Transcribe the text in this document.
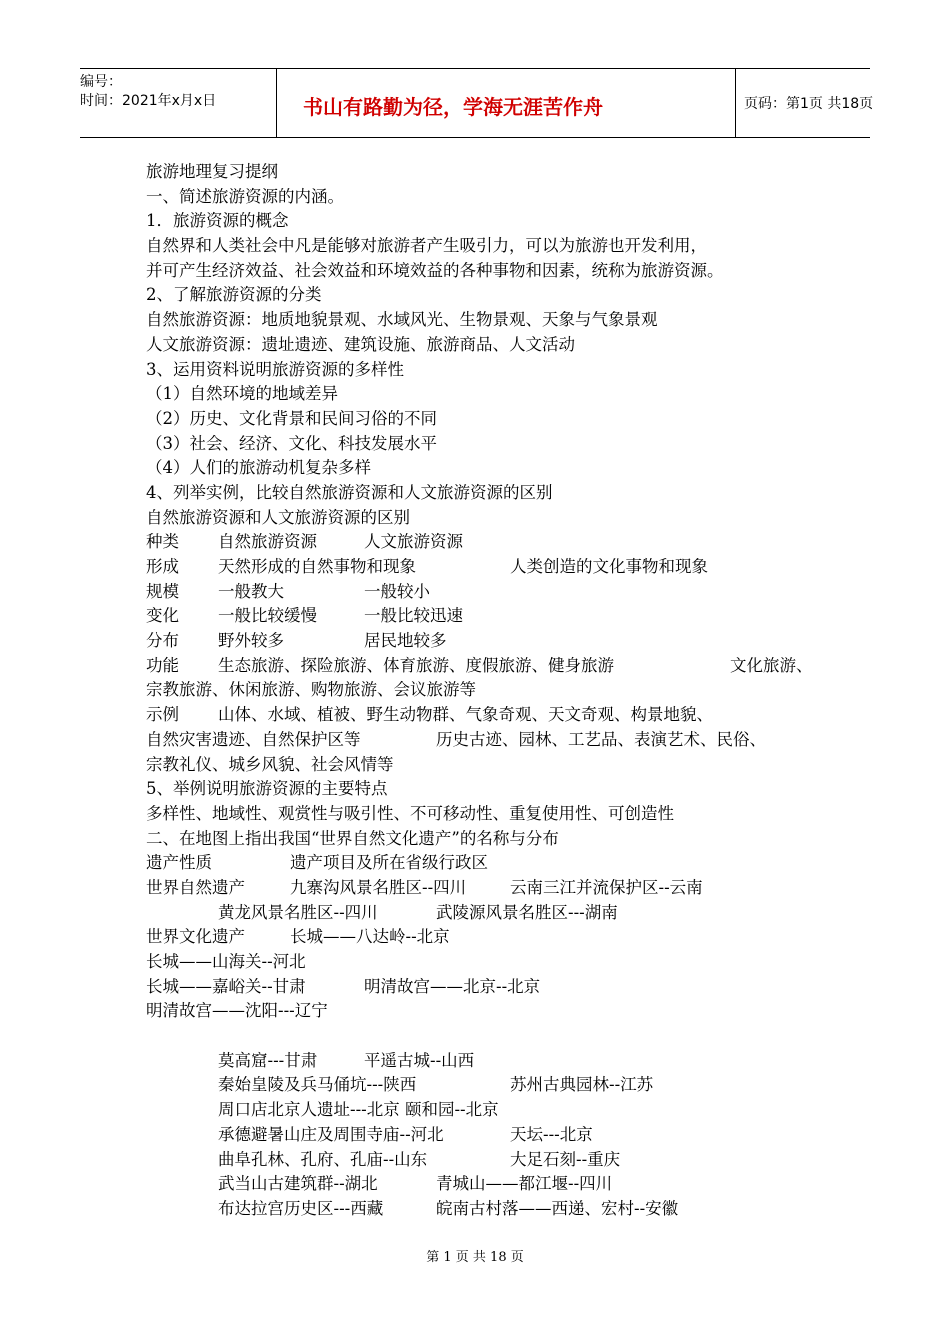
编号：
时间：2021年x月x日	书山有路勤为径，学海无涯苦作舟	页码：第1页 共18页
旅游地理复习提纲
一、简述旅游资源的内涵。
1．旅游资源的概念
自然界和人类社会中凡是能够对旅游者产生吸引力，可以为旅游也开发利用，
并可产生经济效益、社会效益和环境效益的各种事物和因素，统称为旅游资源。
2、了解旅游资源的分类
自然旅游资源：地质地貌景观、水域风光、生物景观、天象与气象景观
人文旅游资源：遗址遗迹、建筑设施、旅游商品、人文活动
3、运用资料说明旅游资源的多样性
（1）自然环境的地域差异
（2）历史、文化背景和民间习俗的不同
（3）社会、经济、文化、科技发展水平
（4）人们的旅游动机复杂多样
4、列举实例，比较自然旅游资源和人文旅游资源的区别
自然旅游资源和人文旅游资源的区别
种类 自然旅游资源	人文旅游资源
形成 天然形成的自然事物和现象	人类创造的文化事物和现象
规模 一般教大	一般较小
变化 一般比较缓慢	一般比较迅速
分布 野外较多	居民地较多
功能 生态旅游、探险旅游、体育旅游、度假旅游、健身旅游	文化旅游、
宗教旅游、休闲旅游、购物旅游、会议旅游等
示例 山体、水域、植被、野生动物群、气象奇观、天文奇观、构景地貌、
自然灾害遗迹、自然保护区等	历史古迹、园林、工艺品、表演艺术、民俗、
宗教礼仪、城乡风貌、社会风情等
5、举例说明旅游资源的主要特点
多样性、地域性、观赏性与吸引性、不可移动性、重复使用性、可创造性
二、在地图上指出我国“世界自然文化遗产”的名称与分布
遗产性质	遗产项目及所在省级行政区
世界自然遗产	九寨沟风景名胜区--四川	云南三江并流保护区--云南
黄龙风景名胜区--四川	武陵源风景名胜区---湖南
世界文化遗产	长城——八达岭--北京
长城——山海关--河北
长城——嘉峪关--甘肃	明清故宫——北京--北京
明清故宫——沈阳---辽宁
莫高窟---甘肃	平遥古城--山西
秦始皇陵及兵马俑坑---陕西	苏州古典园林--江苏
周口店北京人遗址---北京 颐和园--北京
承德避暑山庄及周围寺庙--河北	天坛---北京
曲阜孔林、孔府、孔庙--山东	大足石刻--重庆
武当山古建筑群--湖北	青城山——都江堰--四川
布达拉宫历史区---西藏	皖南古村落——西递、宏村--安徽
第 1 页 共 18 页
